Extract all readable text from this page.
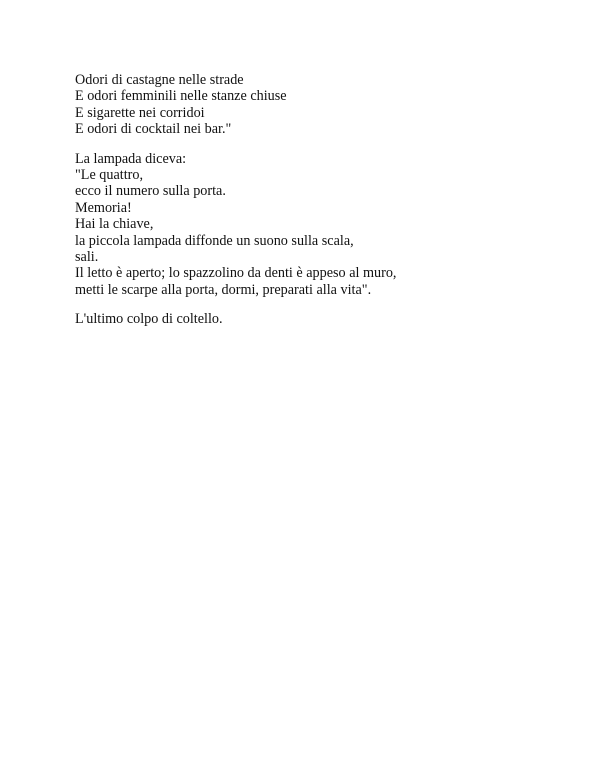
Odori di castagne nelle strade
E odori femminili nelle stanze chiuse
E sigarette nei corridoi
E odori di cocktail nei bar."
La lampada diceva:
"Le quattro,
ecco il numero sulla porta.
Memoria!
Hai la chiave,
la piccola lampada diffonde un suono sulla scala,
sali.
Il letto è aperto; lo spazzolino da denti è appeso al muro,
metti le scarpe alla porta, dormi, preparati alla vita".
L'ultimo colpo di coltello.
